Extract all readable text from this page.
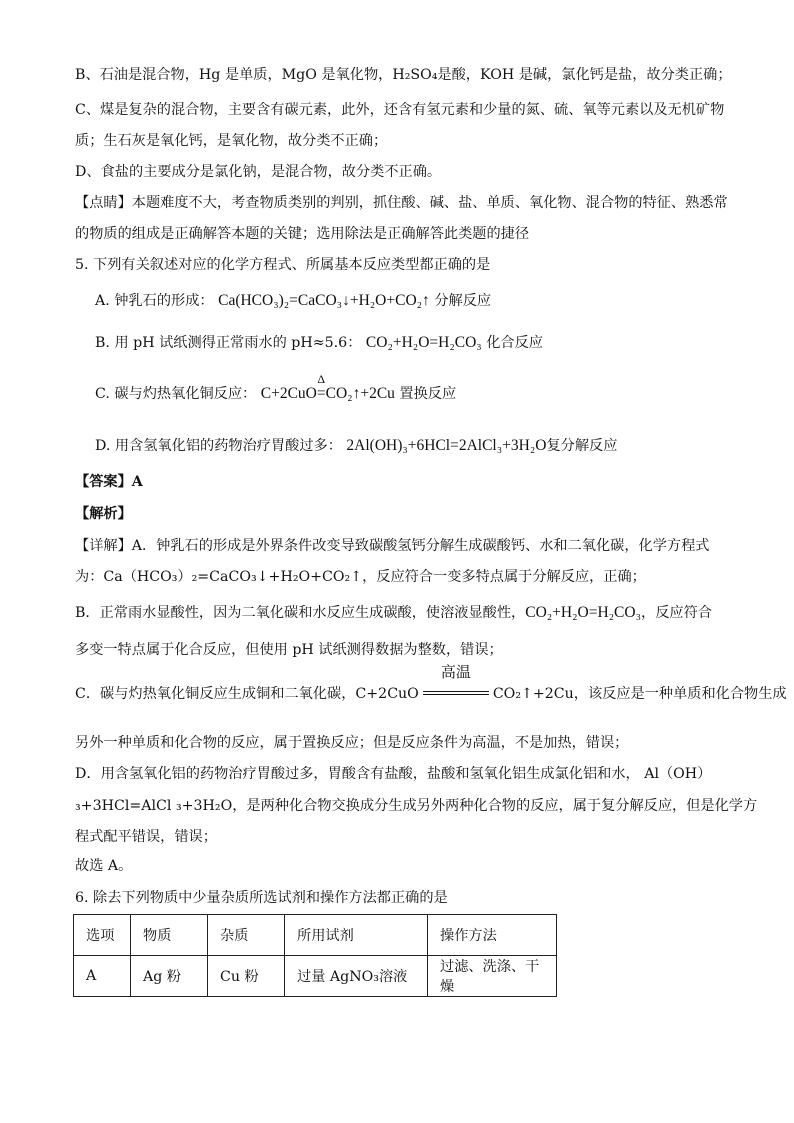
B、石油是混合物，Hg 是单质，MgO 是氧化物，H₂SO₄是酸，KOH 是碱，氯化钙是盐，故分类正确；
C、煤是复杂的混合物，主要含有碳元素，此外，还含有氢元素和少量的氮、硫、氧等元素以及无机矿物
质；生石灰是氧化钙，是氧化物，故分类不正确；
D、食盐的主要成分是氯化钠，是混合物，故分类不正确。
【点睛】本题难度不大，考查物质类别的判别，抓住酸、碱、盐、单质、氧化物、混合物的特征、熟悉常
的物质的组成是正确解答本题的关键；选用除法是正确解答此类题的捷径
5. 下列有关叙述对应的化学方程式、所属基本反应类型都正确的是
A. 钟乳石的形成： Ca(HCO₃)₂=CaCO₃↓+H₂O+CO₂↑ 分解反应
B. 用 pH 试纸测得正常雨水的 pH≈5.6： CO₂+H₂O=H₂CO₃ 化合反应
C. 碳与灼热氧化铜反应： C+2CuO
Δ
=CO₂↑+2Cu 置换反应
D. 用含氢氧化铝的药物治疗胃酸过多： 2Al(OH)₃+6HCl=2AlCl₃+3H₂O复分解反应
【答案】A
【解析】
【详解】A．钟乳石的形成是外界条件改变导致碳酸氢钙分解生成碳酸钙、水和二氧化碳，化学方程式
为：Ca（HCO₃）₂=CaCO₃↓+H₂O+CO₂↑，反应符合一变多特点属于分解反应，正确；
B．正常雨水显酸性，因为二氧化碳和水反应生成碳酸，使溶液显酸性，CO₂+H₂O=H₂CO₃，反应符合
多变一特点属于化合反应，但使用 pH 试纸测得数据为整数，错误；
C．碳与灼热氧化铜反应生成铜和二氧化碳，C+2CuO
高温
CO₂↑+2Cu，该反应是一种单质和化合物生成
另外一种单质和化合物的反应，属于置换反应；但是反应条件为高温，不是加热，错误；
D．用含氢氧化铝的药物治疗胃酸过多，胃酸含有盐酸，盐酸和氢氧化铝生成氯化铝和水， Al（OH）
₃+3HCl=AlCl ₃+3H₂O，是两种化合物交换成分生成另外两种化合物的反应，属于复分解反应，但是化学方
程式配平错误，错误；
故选 A。
6. 除去下列物质中少量杂质所选试剂和操作方法都正确的是
选项	物质	杂质	所用试剂	操作方法
A	Ag 粉	Cu 粉	过量 AgNO₃溶液	过滤、洗涤、干燥
